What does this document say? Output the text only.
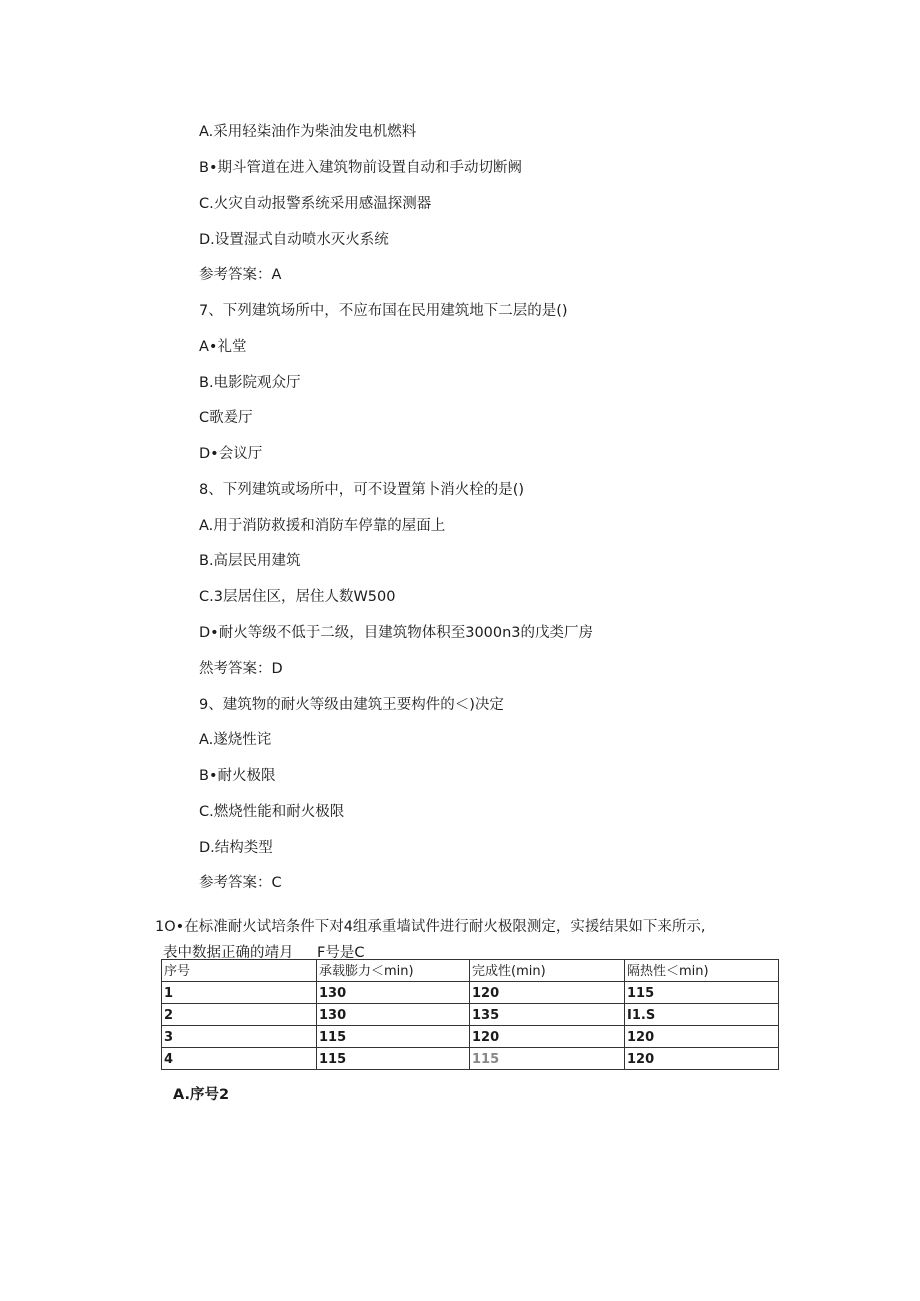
A.采用轻柒油作为柴油发电机燃料
B•期斗管道在进入建筑物前设置自动和手动切断阙
C.火灾自动报警系统采用感温探测器
D.设置湿式自动喷水灭火系统
参考答案：A
7、下列建筑场所中，不应布国在民用建筑地下二层的是()
A•礼堂
B.电影院观众厅
C歌爰厅
D•会议厅
8、下列建筑或场所中，可不设置第卜消火栓的是()
A.用于消防救援和消防车停靠的屋面上
B.高层民用建筑
C.3层居住区，居住人数W500
D•耐火等级不低于二级，目建筑物体积至3000n3的戊类厂房
然考答案：D
9、建筑物的耐火等级由建筑王要构件的＜)决定
A.遂烧性诧
B•耐火极限
C.燃烧性能和耐火极限
D.结构类型
参考答案：C
1O•在标准耐火试培条件下对4组承重墙试件进行耐火极限测定，实援结果如下来所示,
表中数据正确的靖月 F号是C
序号	承载膨力＜min)	完成性(min)	隔热性＜min)
1	130	120	115
2	130	135	I1.S
3	115	120	120
4	115	115	120
A.序号2
